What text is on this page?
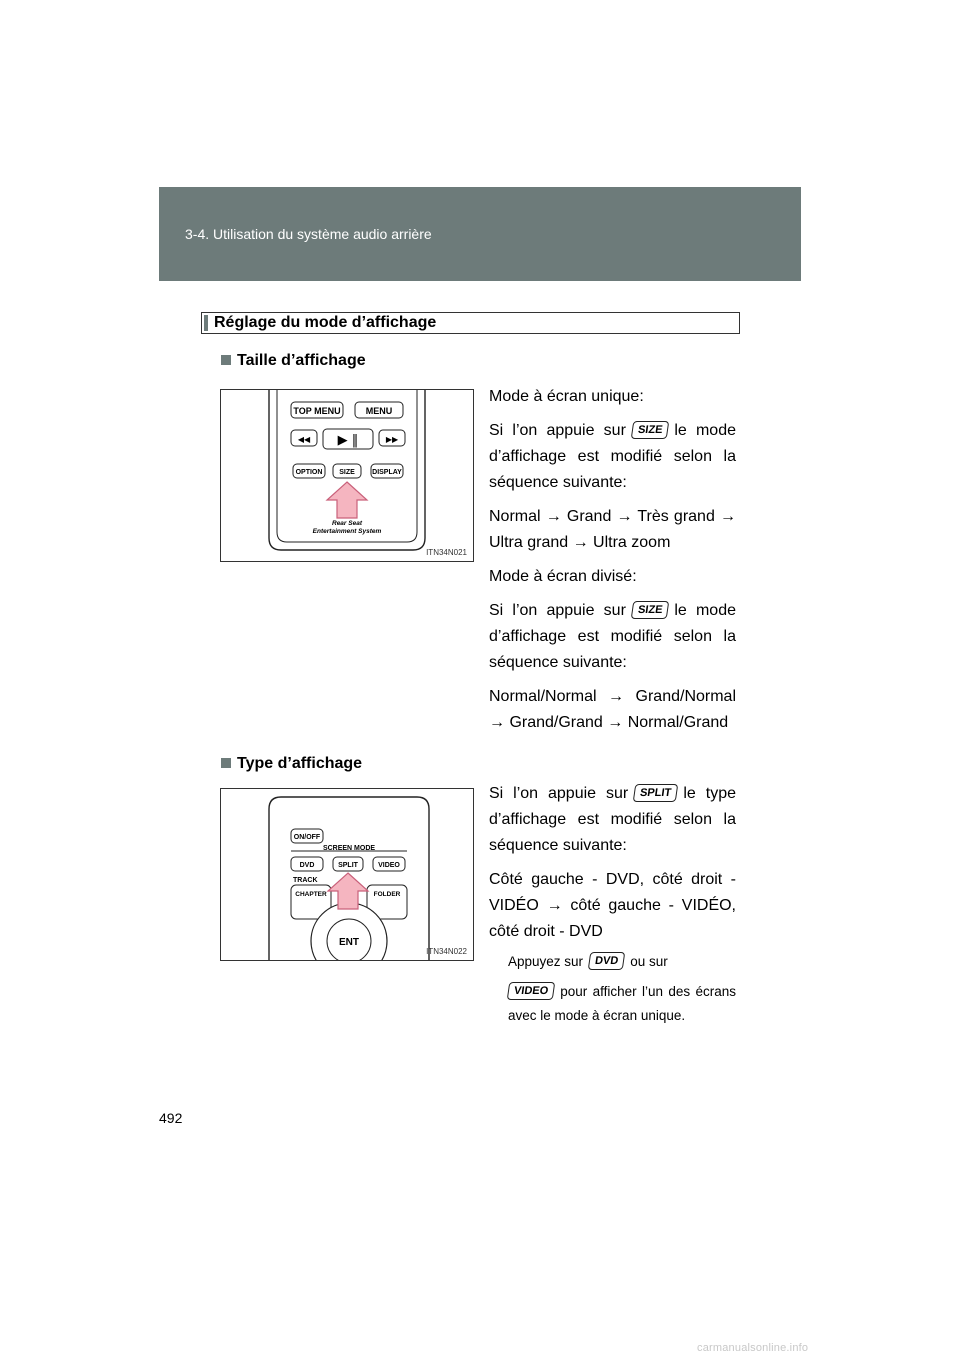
3-4. Utilisation du système audio arrière
Réglage du mode d’affichage
Taille d’affichage
TOP MENU	MENU
◀◀ ▶ ‖	▶▶
OPTION SIZE DISPLAY
Rear Seat
Entertainment System
ITN34N021

Mode à écran unique:

Si l’on appuie sur SIZE le mode d’affichage est modifié selon la séquence suivante:

Normal → Grand → Très grand → Ultra grand → Ultra zoom

Mode à écran divisé:

Si l’on appuie sur SIZE le mode d’affichage est modifié selon la séquence suivante:

Normal/Normal → Grand/Normal → Grand/Grand → Normal/Grand

Type d’affichage
ON/OFF
SCREEN MODE
DVD	SPLIT	VIDEO
TRACK
CHAPTER	FOLDER
ENT
ITN34N022

Si l’on appuie sur SPLIT le type d’affichage est modifié selon la séquence suivante:

Côté gauche - DVD, côté droit - VIDÉO → côté gauche - VIDÉO, côté droit - DVD

Appuyez sur DVD ou sur

VIDEO pour afficher l’un des écrans avec le mode à écran unique.

492
carmanualsonline.info
